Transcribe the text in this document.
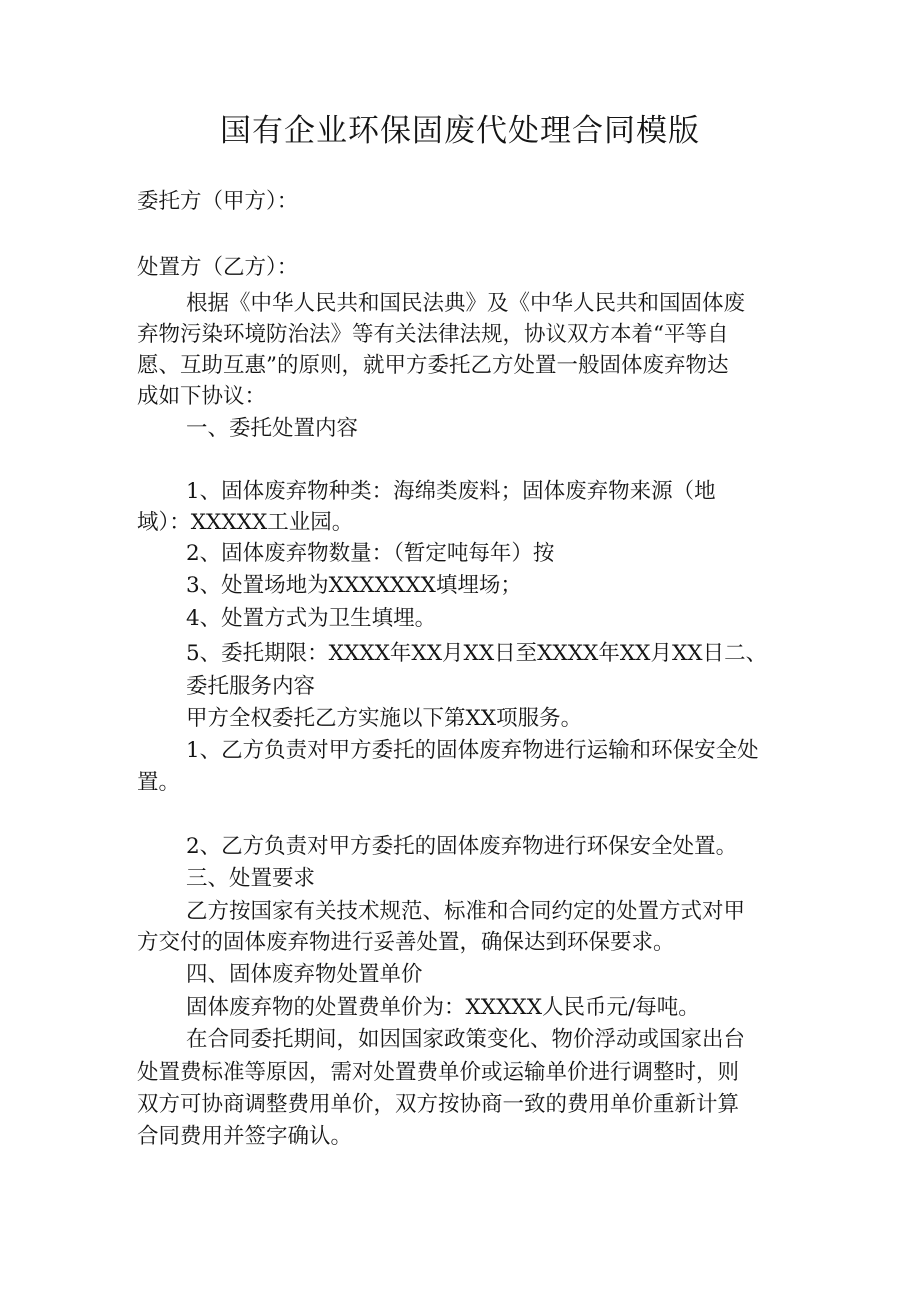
国有企业环保固废代处理合同模版
委托方（甲方）：
处置方（乙方）：
根据《中华人民共和国民法典》及《中华人民共和国固体废
弃物污染环境防治法》等有关法律法规，协议双方本着“平等自
愿、互助互惠”的原则，就甲方委托乙方处置一般固体废弃物达
成如下协议：
一、委托处置内容
1、固体废弃物种类：海绵类废料；固体废弃物来源（地
域）：XXXXX工业园。
2、固体废弃物数量：（暂定吨每年）按
3、处置场地为XXXXXXX填埋场；
4、处置方式为卫生填埋。
5、委托期限：XXXX年XX月XX日至XXXX年XX月XX日二、
委托服务内容
甲方全权委托乙方实施以下第XX项服务。
1、乙方负责对甲方委托的固体废弃物进行运输和环保安全处
置。
2、乙方负责对甲方委托的固体废弃物进行环保安全处置。
三、处置要求
乙方按国家有关技术规范、标准和合同约定的处置方式对甲
方交付的固体废弃物进行妥善处置，确保达到环保要求。
四、固体废弃物处置单价
固体废弃物的处置费单价为：XXXXX人民币元/每吨。
在合同委托期间，如因国家政策变化、物价浮动或国家出台
处置费标准等原因，需对处置费单价或运输单价进行调整时，则
双方可协商调整费用单价，双方按协商一致的费用单价重新计算
合同费用并签字确认。
